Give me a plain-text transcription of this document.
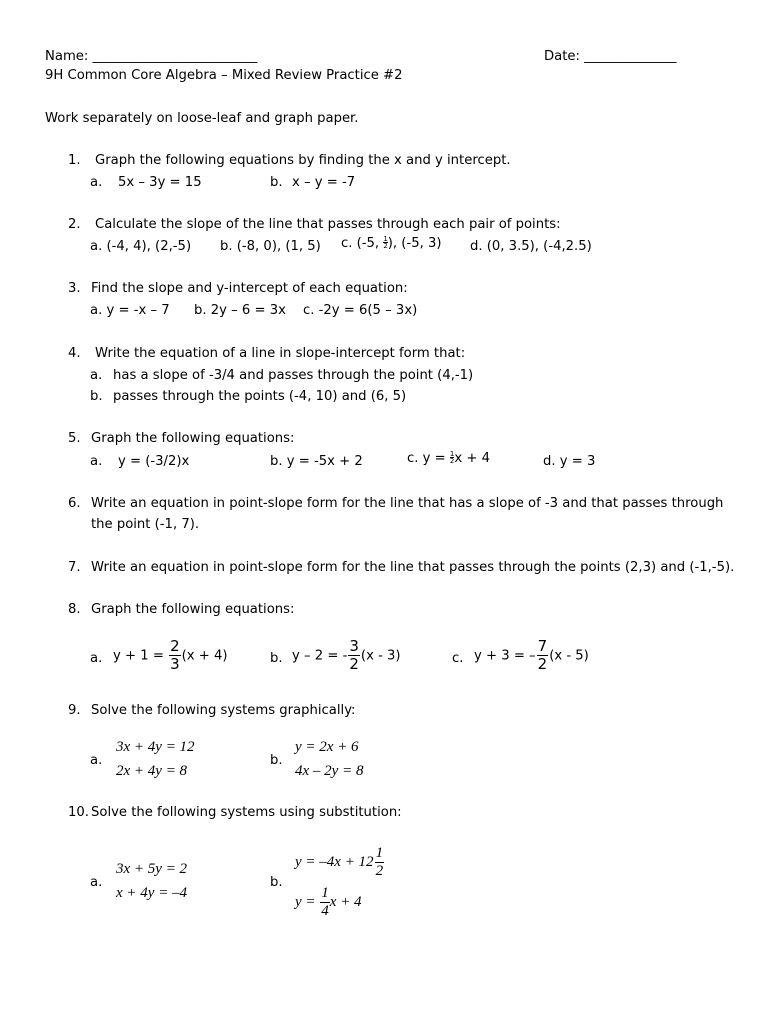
Name: _________________________	Date: ______________
9H Common Core Algebra – Mixed Review Practice #2
Work separately on loose-leaf and graph paper.
1. Graph the following equations by finding the x and y intercept.
a. 5x – 3y = 15	b. x – y = -7
2. Calculate the slope of the line that passes through each pair of points:
a. (-4, 4), (2,-5) b. (-8, 0), (1, 5) c. (-5, $\frac{1}{2}$ ), (-5, 3) d. (0, 3.5), (-4,2.5)
3. Find the slope and y-intercept of each equation:
a. y = -x – 7 b. 2y – 6 = 3x c. -2y = 6(5 – 3x)
4. Write the equation of a line in slope-intercept form that:
a. has a slope of -3/4 and passes through the point (4,-1)
b. passes through the points (-4, 10) and (6, 5)
5. Graph the following equations:
a. y = (-3/2)x	b. y = -5x + 2	c. $y = \frac{1}{2}$ x + 4	d. y = 3
6. Write an equation in point-slope form for the line that has a slope of -3 and that passes through
the point (-1, 7).
7. Write an equation in point-slope form for the line that passes through the points (2,3) and (-1,-5).
8. Graph the following equations:
a. $y + 1 = \frac{2}{3} (x + 4)$	b. y – 2 = - $\frac{3}{2} (x - 3)$	c. y + 3 = – $\frac{7}{2} (x - 5)$
9. Solve the following systems graphically:
a.
3x + 4y = 12
2x + 4y = 8
b.
y = 2x + 6
4x – 2y = 8
10. Solve the following systems using substitution:
a.
3x + 5y = 2
x + 4y = –4
b.
$y = -4x + 12 \frac{1}{2}$
$y = \frac{1}{4}$ x + 4
